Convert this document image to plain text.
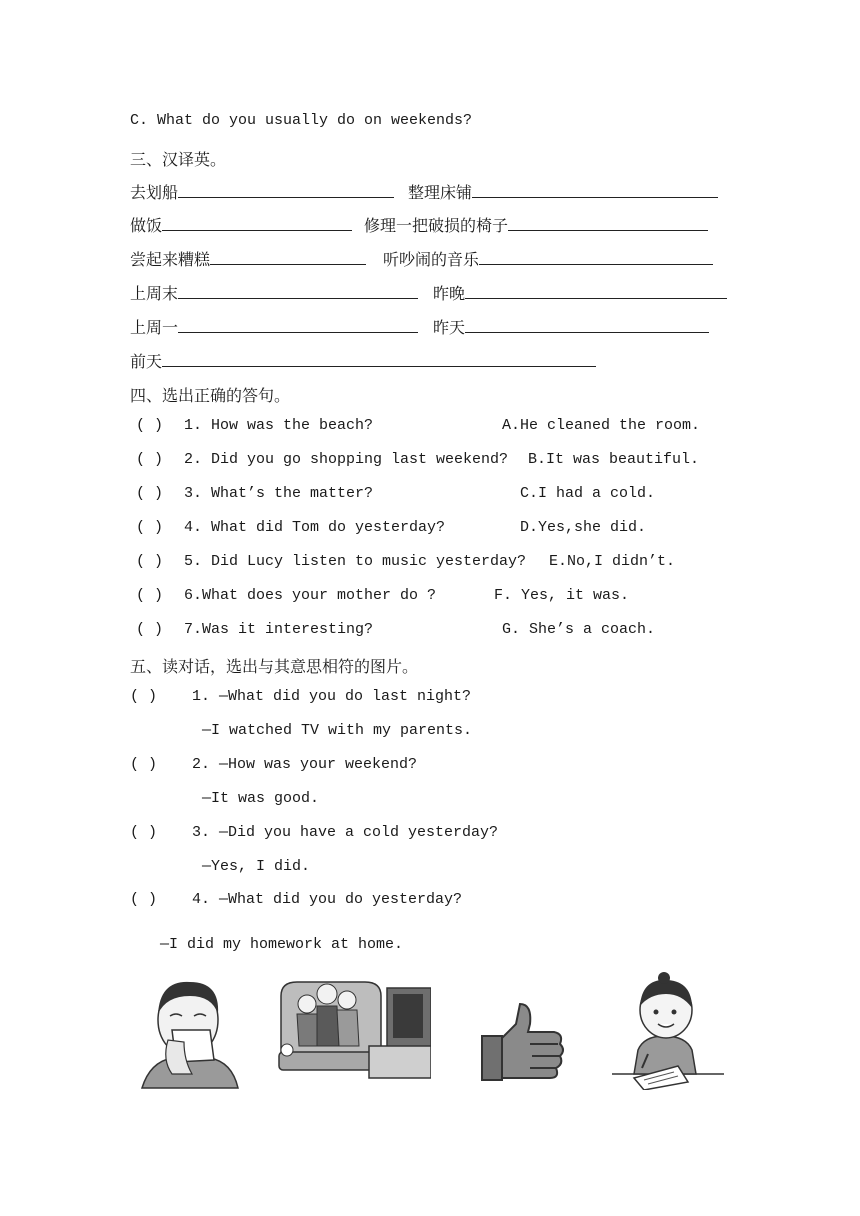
C. What do you usually do on weekends?
三、汉译英。
去划船	整理床铺
做饭	修理一把破损的椅子
尝起来糟糕	听吵闹的音乐
上周末	昨晚
上周一	昨天
前天
四、选出正确的答句。
( ) 1. How was the beach?	A.He cleaned the room.
( ) 2. Did you go shopping last weekend? B.It was beautiful.
( ) 3. What’s the matter?	C.I had a cold.
( ) 4. What did Tom do yesterday?	D.Yes,she did.
( ) 5. Did Lucy listen to music yesterday? E.No,I didn’t.
( ) 6.What does your mother do ?	F. Yes, it was.
( ) 7.Was it interesting?	G. She’s a coach.
五、读对话，选出与其意思相符的图片。
( ) 1. —What did you do last night?
—I watched TV with my parents.
( ) 2. —How was your weekend?
—It was good.
( ) 3. —Did you have a cold yesterday?
—Yes, I did.
( ) 4. —What did you do yesterday?
—I did my homework at home.
